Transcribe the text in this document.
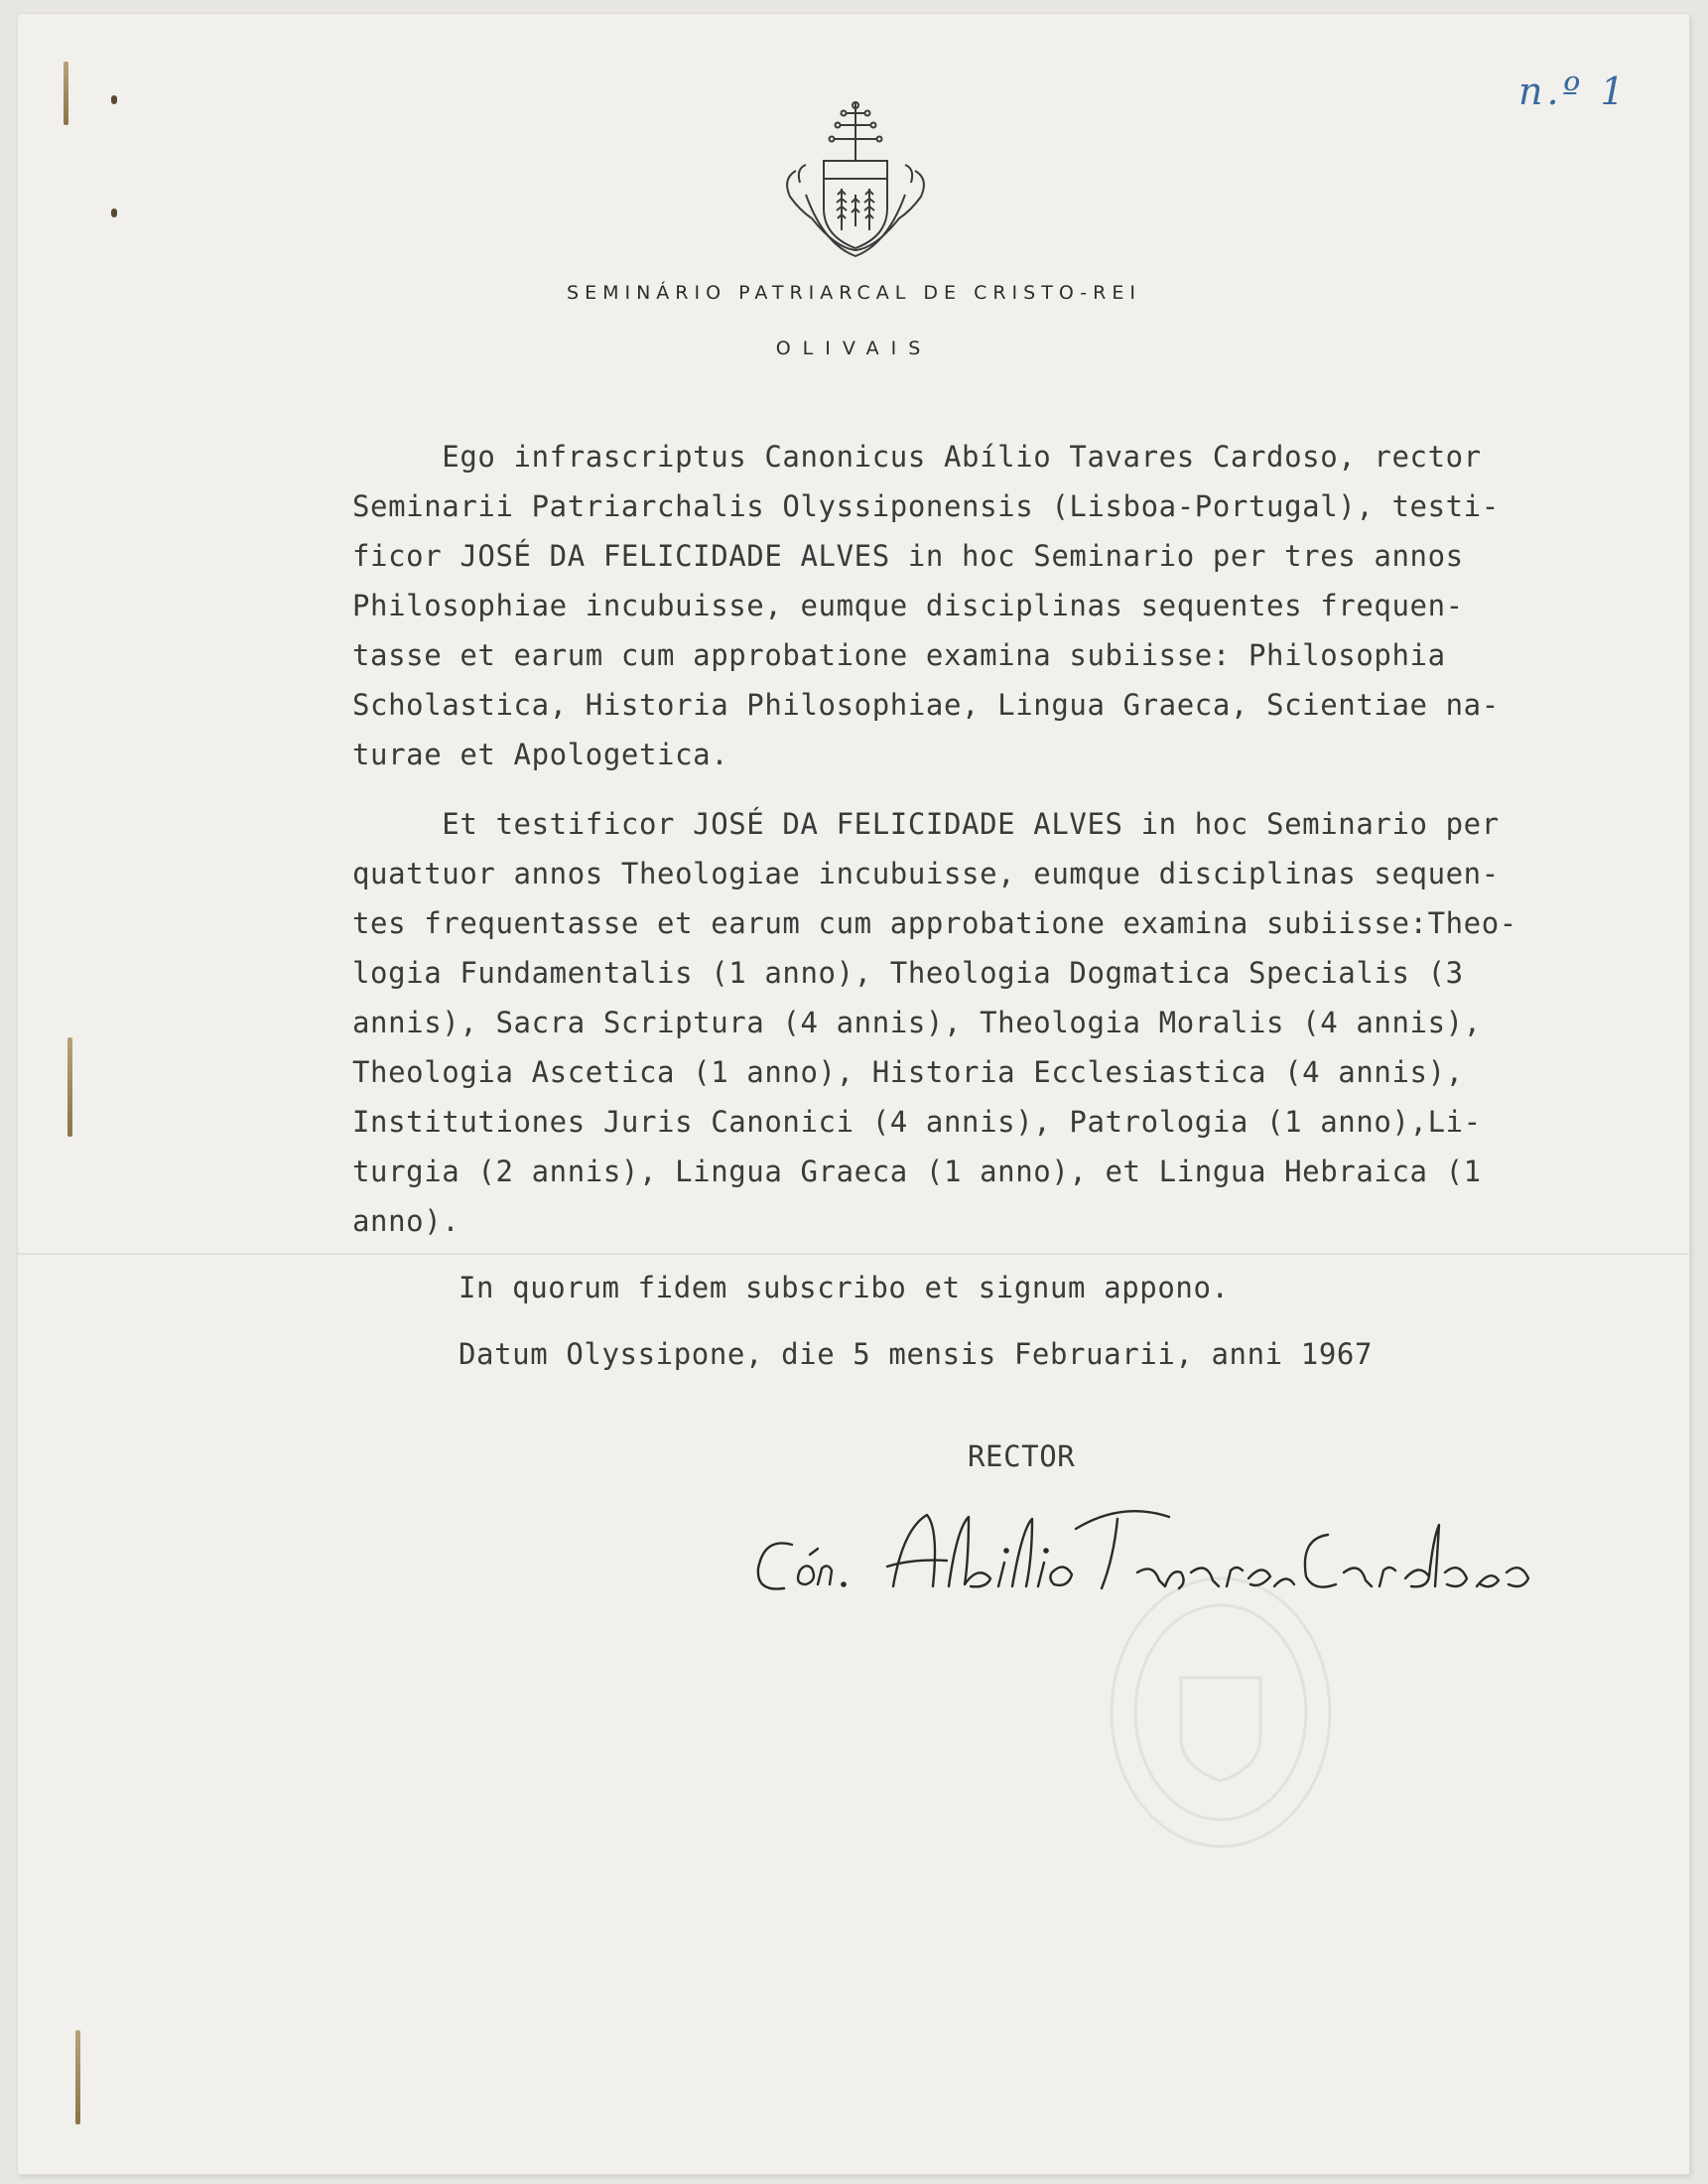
n.º 1
SEMINÁRIO PATRIARCAL DE CRISTO-REI
OLIVAIS
Ego infrascriptus Canonicus Abílio Tavares Cardoso, rector
Seminarii Patriarchalis Olyssiponensis (Lisboa-Portugal), testi-
ficor JOSÉ DA FELICIDADE ALVES in hoc Seminario per tres annos
Philosophiae incubuisse, eumque disciplinas sequentes frequen-
tasse et earum cum approbatione examina subiisse: Philosophia
Scholastica, Historia Philosophiae, Lingua Graeca, Scientiae na-
turae et Apologetica.
Et testificor JOSÉ DA FELICIDADE ALVES in hoc Seminario per
quattuor annos Theologiae incubuisse, eumque disciplinas sequen-
tes frequentasse et earum cum approbatione examina subiisse:Theo-
logia Fundamentalis (1 anno), Theologia Dogmatica Specialis (3
annis), Sacra Scriptura (4 annis), Theologia Moralis (4 annis),
Theologia Ascetica (1 anno), Historia Ecclesiastica (4 annis),
Institutiones Juris Canonici (4 annis), Patrologia (1 anno),Li-
turgia (2 annis), Lingua Graeca (1 anno), et Lingua Hebraica (1
anno).
In quorum fidem subscribo et signum appono.
Datum Olyssipone, die 5 mensis Februarii, anni 1967
RECTOR
